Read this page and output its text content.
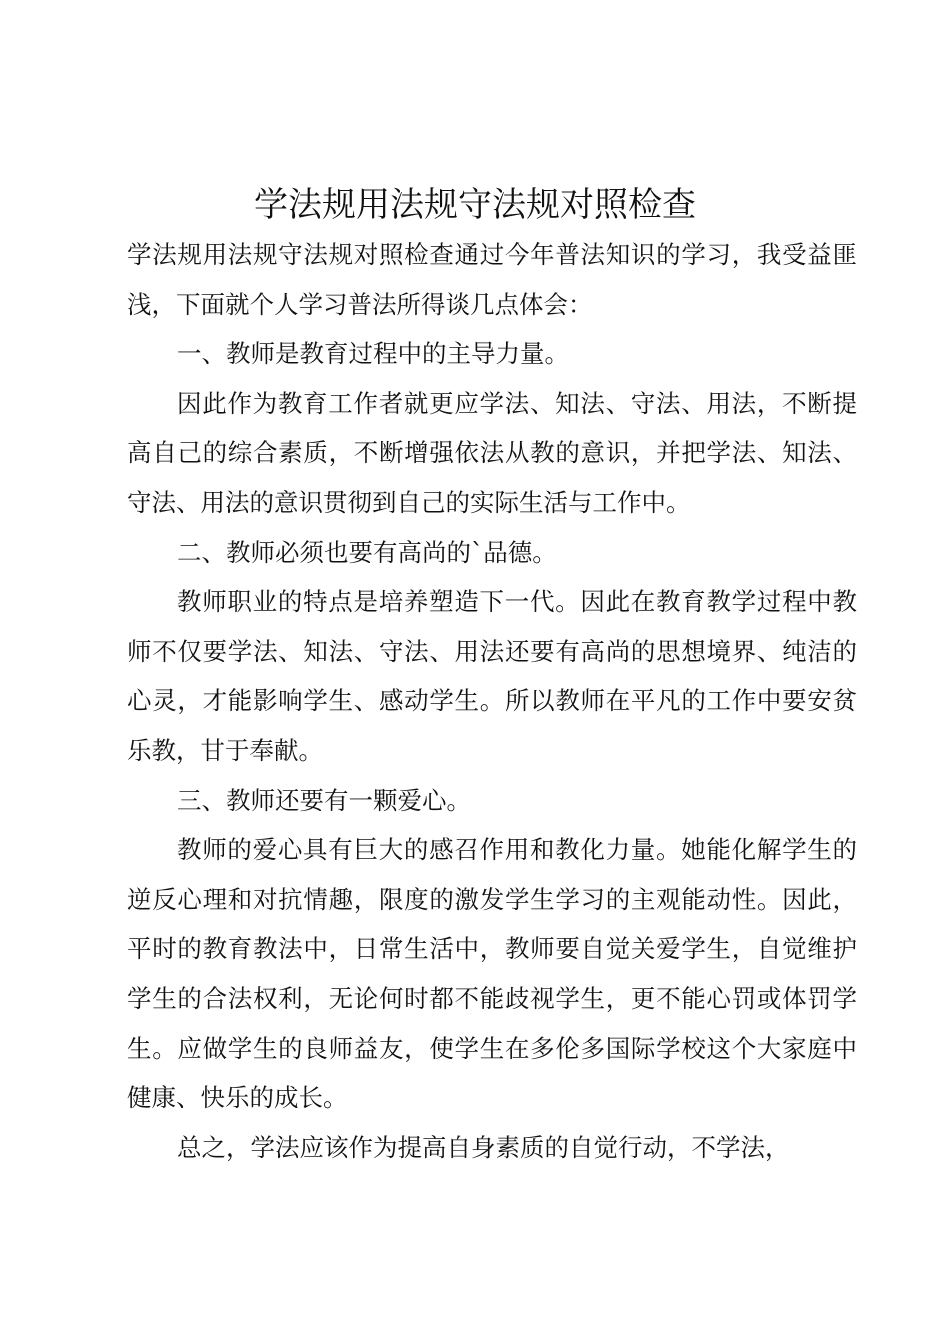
学法规用法规守法规对照检查

学法规用法规守法规对照检查通过今年普法知识的学习，我受益匪浅，下面就个人学习普法所得谈几点体会：

一、教师是教育过程中的主导力量。

因此作为教育工作者就更应学法、知法、守法、用法，不断提高自己的综合素质，不断增强依法从教的意识，并把学法、知法、守法、用法的意识贯彻到自己的实际生活与工作中。

二、教师必须也要有高尚的`品德。

教师职业的特点是培养塑造下一代。因此在教育教学过程中教师不仅要学法、知法、守法、用法还要有高尚的思想境界、纯洁的心灵，才能影响学生、感动学生。所以教师在平凡的工作中要安贫乐教，甘于奉献。

三、教师还要有一颗爱心。

教师的爱心具有巨大的感召作用和教化力量。她能化解学生的逆反心理和对抗情趣，限度的激发学生学习的主观能动性。因此，平时的教育教法中，日常生活中，教师要自觉关爱学生，自觉维护学生的合法权利，无论何时都不能歧视学生，更不能心罚或体罚学生。应做学生的良师益友，使学生在多伦多国际学校这个大家庭中健康、快乐的成长。

总之，学法应该作为提高自身素质的自觉行动，不学法，
